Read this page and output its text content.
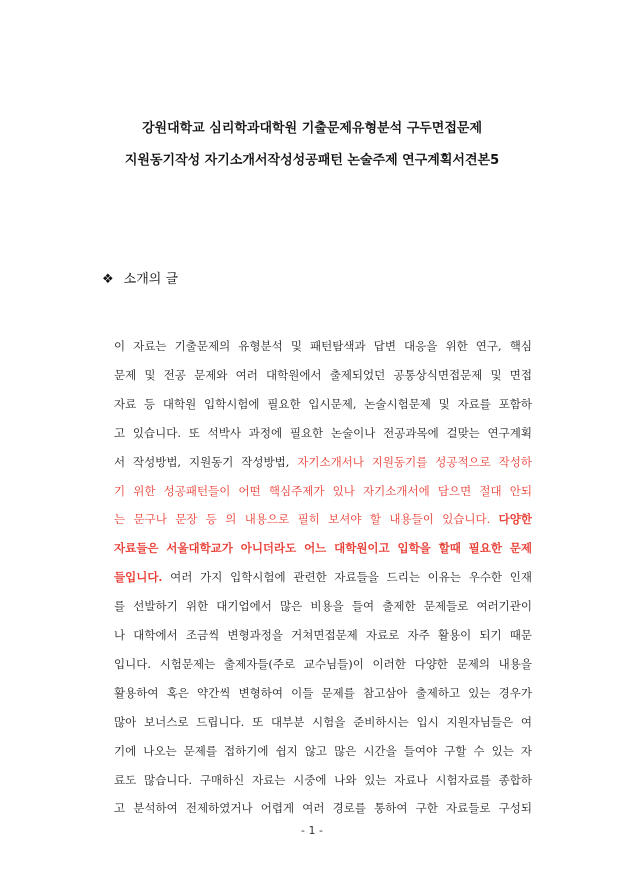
강원대학교 심리학과대학원 기출문제유형분석 구두면접문제
지원동기작성 자기소개서작성성공패턴 논술주제 연구계획서견본5
❖ 소개의 글
이 자료는 기출문제의 유형분석 및 패턴탐색과 답변 대응을 위한 연구, 핵심
문제 및 전공 문제와 여러 대학원에서 출제되었던 공통상식면접문제 및 면접
자료 등 대학원 입학시험에 필요한 입시문제, 논술시험문제 및 자료를 포함하
고 있습니다. 또 석박사 과정에 필요한 논술이나 전공과목에 걸맞는 연구계획
서 작성방법, 지원동기 작성방법, 자기소개서나 지원동기를 성공적으로 작성하
기 위한 성공패턴들이 어떤 핵심주제가 있나 자기소개서에 담으면 절대 안되
는 문구나 문장 등 의 내용으로 필히 보셔야 할 내용들이 있습니다. 다양한
자료들은 서울대학교가 아니더라도 어느 대학원이고 입학을 할때 필요한 문제
들입니다. 여러 가지 입학시험에 관련한 자료들을 드리는 이유는 우수한 인재
를 선발하기 위한 대기업에서 많은 비용을 들여 출제한 문제들로 여러기관이
나 대학에서 조금씩 변형과정을 거쳐면접문제 자료로 자주 활용이 되기 때문
입니다. 시험문제는 출제자들(주로 교수님들)이 이러한 다양한 문제의 내용을
활용하여 혹은 약간씩 변형하여 이들 문제를 참고삼아 출제하고 있는 경우가
많아 보너스로 드립니다. 또 대부분 시험을 준비하시는 입시 지원자님들은 여
기에 나오는 문제를 접하기에 쉽지 않고 많은 시간을 들여야 구할 수 있는 자
료도 많습니다. 구매하신 자료는 시중에 나와 있는 자료나 시험자료를 종합하
고 분석하여 전제하였거나 어렵게 여러 경로를 통하여 구한 자료들로 구성되
- 1 -
